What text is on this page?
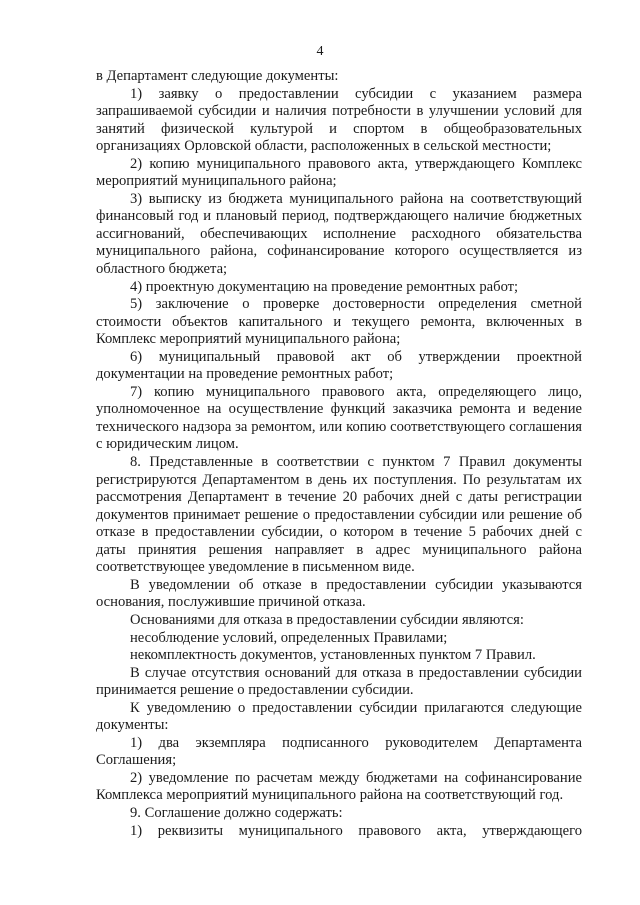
4

в Департамент следующие документы:

1) заявку о предоставлении субсидии с указанием размера запрашиваемой субсидии и наличия потребности в улучшении условий для занятий физической культурой и спортом в общеобразовательных организациях Орловской области, расположенных в сельской местности;

2) копию муниципального правового акта, утверждающего Комплекс мероприятий муниципального района;

3) выписку из бюджета муниципального района на соответствующий финансовый год и плановый период, подтверждающего наличие бюджетных ассигнований, обеспечивающих исполнение расходного обязательства муниципального района, софинансирование которого осуществляется из областного бюджета;

4) проектную документацию на проведение ремонтных работ;

5) заключение о проверке достоверности определения сметной стоимости объектов капитального и текущего ремонта, включенных в Комплекс мероприятий муниципального района;

6) муниципальный правовой акт об утверждении проектной документации на проведение ремонтных работ;

7) копию муниципального правового акта, определяющего лицо, уполномоченное на осуществление функций заказчика ремонта и ведение технического надзора за ремонтом, или копию соответствующего соглашения с юридическим лицом.

8. Представленные в соответствии с пунктом 7 Правил документы регистрируются Департаментом в день их поступления. По результатам их рассмотрения Департамент в течение 20 рабочих дней с даты регистрации документов принимает решение о предоставлении субсидии или решение об отказе в предоставлении субсидии, о котором в течение 5 рабочих дней с даты принятия решения направляет в адрес муниципального района соответствующее уведомление в письменном виде.

В уведомлении об отказе в предоставлении субсидии указываются основания, послужившие причиной отказа.

Основаниями для отказа в предоставлении субсидии являются:

несоблюдение условий, определенных Правилами;

некомплектность документов, установленных пунктом 7 Правил.

В случае отсутствия оснований для отказа в предоставлении субсидии принимается решение о предоставлении субсидии.

К уведомлению о предоставлении субсидии прилагаются следующие документы:

1) два экземпляра подписанного руководителем Департамента Соглашения;

2) уведомление по расчетам между бюджетами на софинансирование Комплекса мероприятий муниципального района на соответствующий год.

9. Соглашение должно содержать:

1) реквизиты муниципального правового акта, утверждающего
